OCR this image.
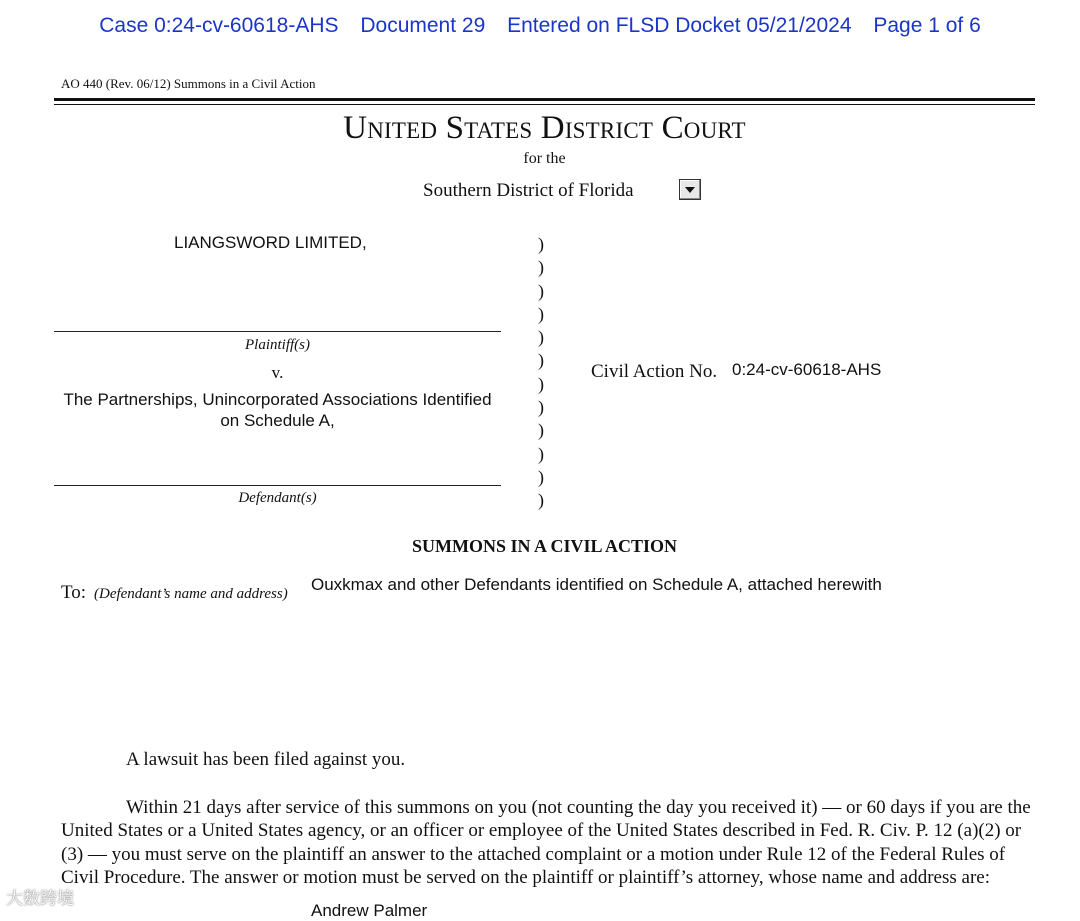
Case 0:24-cv-60618-AHS Document 29 Entered on FLSD Docket 05/21/2024 Page 1 of 6
AO 440 (Rev. 06/12) Summons in a Civil Action
United States District Court
for the
Southern District of Florida
LIANGSWORD LIMITED,
Plaintiff(s)
v.
The Partnerships, Unincorporated Associations Identified on Schedule A,
Defendant(s)
)
)
)
)
)
)
)
)
)
)
)
)
Civil Action No. 0:24-cv-60618-AHS
SUMMONS IN A CIVIL ACTION
To: (Defendant’s name and address) Ouxkmax and other Defendants identified on Schedule A, attached herewith
A lawsuit has been filed against you.
Within 21 days after service of this summons on you (not counting the day you received it) — or 60 days if you are the United States or a United States agency, or an officer or employee of the United States described in Fed. R. Civ. P. 12 (a)(2) or (3) — you must serve on the plaintiff an answer to the attached complaint or a motion under Rule 12 of the Federal Rules of Civil Procedure. The answer or motion must be served on the plaintiff or plaintiff’s attorney, whose name and address are:
Andrew Palmer
大数跨境
